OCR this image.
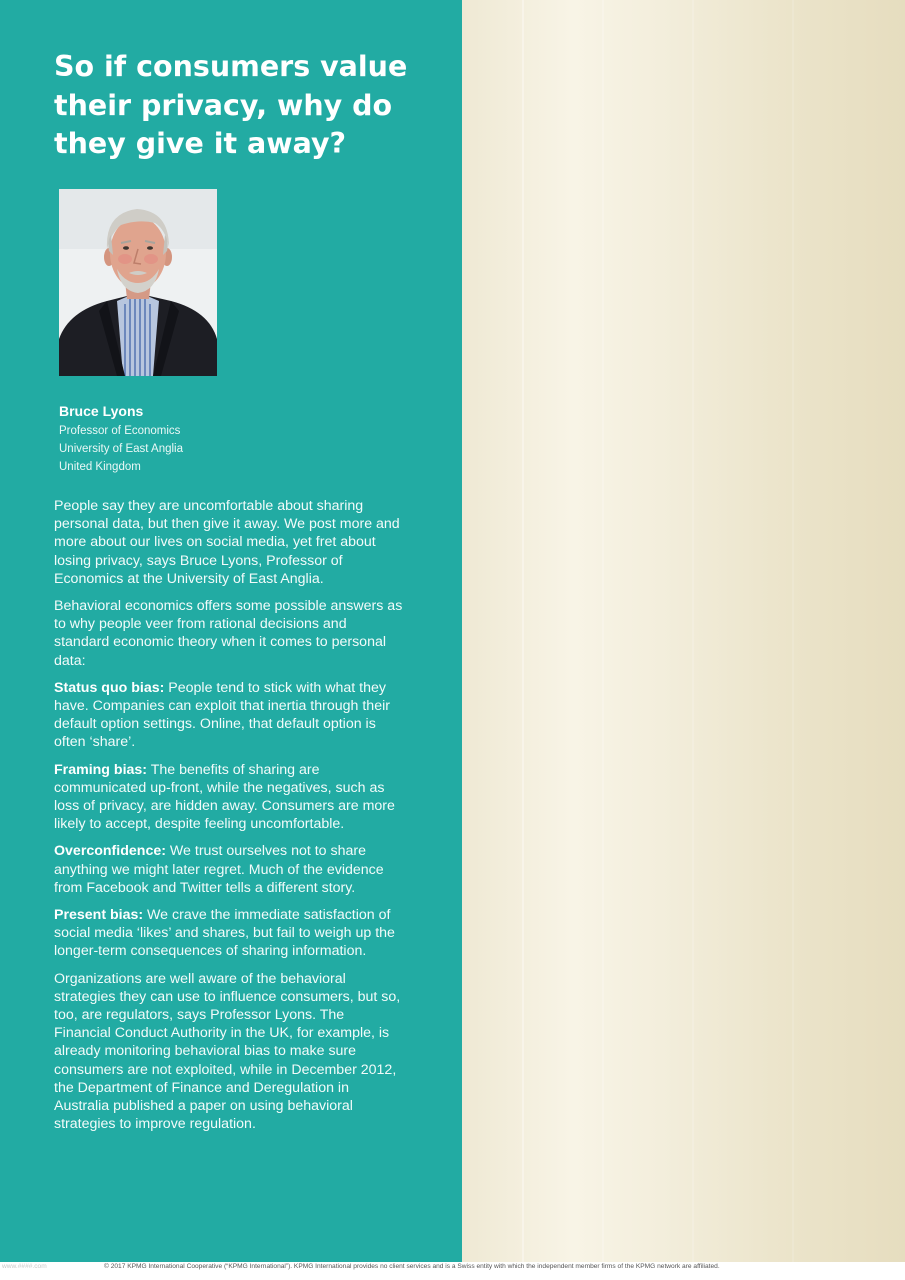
So if consumers value
their privacy, why do
they give it away?

Bruce Lyons

Professor of Economics

University of East Anglia

United Kingdom

People say they are uncomfortable about sharing personal data, but then give it away. We post more and more about our lives on social media, yet fret about losing privacy, says Bruce Lyons, Professor of Economics at the University of East Anglia.

Behavioral economics offers some possible answers as to why people veer from rational decisions and standard economic theory when it comes to personal data:

Status quo bias: People tend to stick with what they have. Companies can exploit that inertia through their default option settings. Online, that default option is often ‘share’.

Framing bias: The benefits of sharing are communicated up-front, while the negatives, such as loss of privacy, are hidden away. Consumers are more likely to accept, despite feeling uncomfortable.

Overconfidence: We trust ourselves not to share anything we might later regret. Much of the evidence from Facebook and Twitter tells a different story.

Present bias: We crave the immediate satisfaction of social media ‘likes’ and shares, but fail to weigh up the longer-term consequences of sharing information.

Organizations are well aware of the behavioral strategies they can use to influence consumers, but so, too, are regulators, says Professor Lyons. The Financial Conduct Authority in the UK, for example, is already monitoring behavioral bias to make sure consumers are not exploited, while in December 2012, the Department of Finance and Deregulation in Australia published a paper on using behavioral strategies to improve regulation.

www.####.com	© 2017 KPMG International Cooperative (“KPMG International”). KPMG International provides no client services and is a Swiss entity with which the independent member firms of the KPMG network are affiliated.
